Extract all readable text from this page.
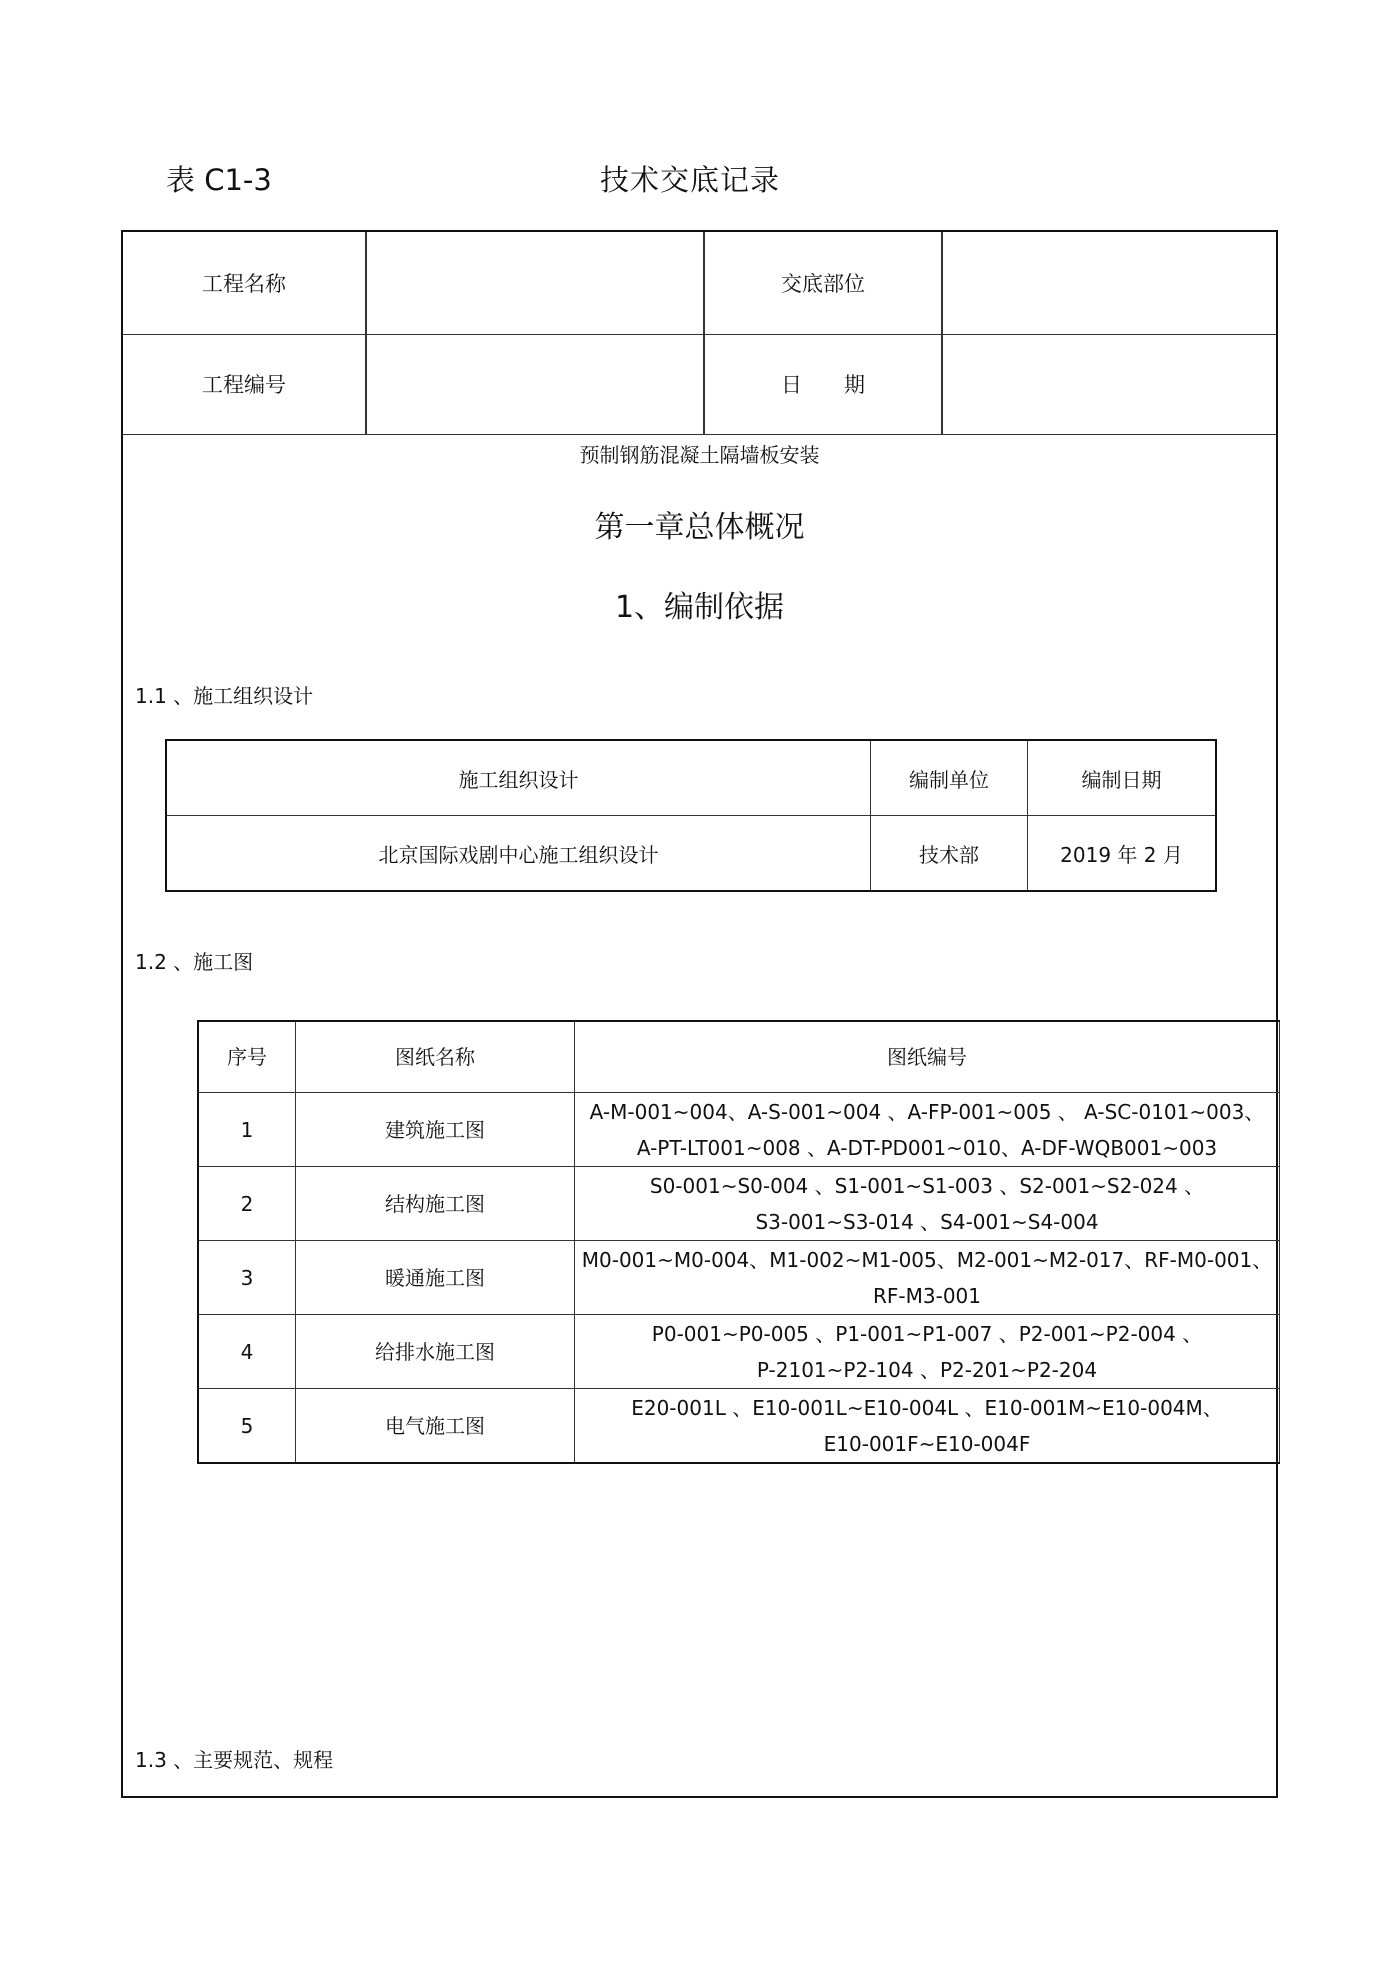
表 C1-3	技术交底记录
工程名称	交底部位
工程编号	日　　期
预制钢筋混凝土隔墙板安装
第一章总体概况
1、编制依据
1.1 、施工组织设计
施工组织设计	编制单位	编制日期
北京国际戏剧中心施工组织设计	技术部	2019 年 2 月
1.2 、施工图
序号	图纸名称	图纸编号
1	建筑施工图	A-M-001~004、A-S-001~004 、A-FP-001~005 、 A-SC-0101~003、
A-PT-LT001~008 、A-DT-PD001~010、A-DF-WQB001~003

2	结构施工图	S0-001~S0-004 、S1-001~S1-003 、S2-001~S2-024 、
S3-001~S3-014 、S4-001~S4-004

3	暖通施工图	M0-001~M0-004、M1-002~M1-005、M2-001~M2-017、RF-M0-001、
RF-M3-001

4	给排水施工图	P0-001~P0-005 、P1-001~P1-007 、P2-001~P2-004 、
P-2101~P2-104 、P2-201~P2-204

5	电气施工图	E20-001L 、E10-001L~E10-004L 、E10-001M~E10-004M、
E10-001F~E10-004F
1.3 、主要规范、规程
